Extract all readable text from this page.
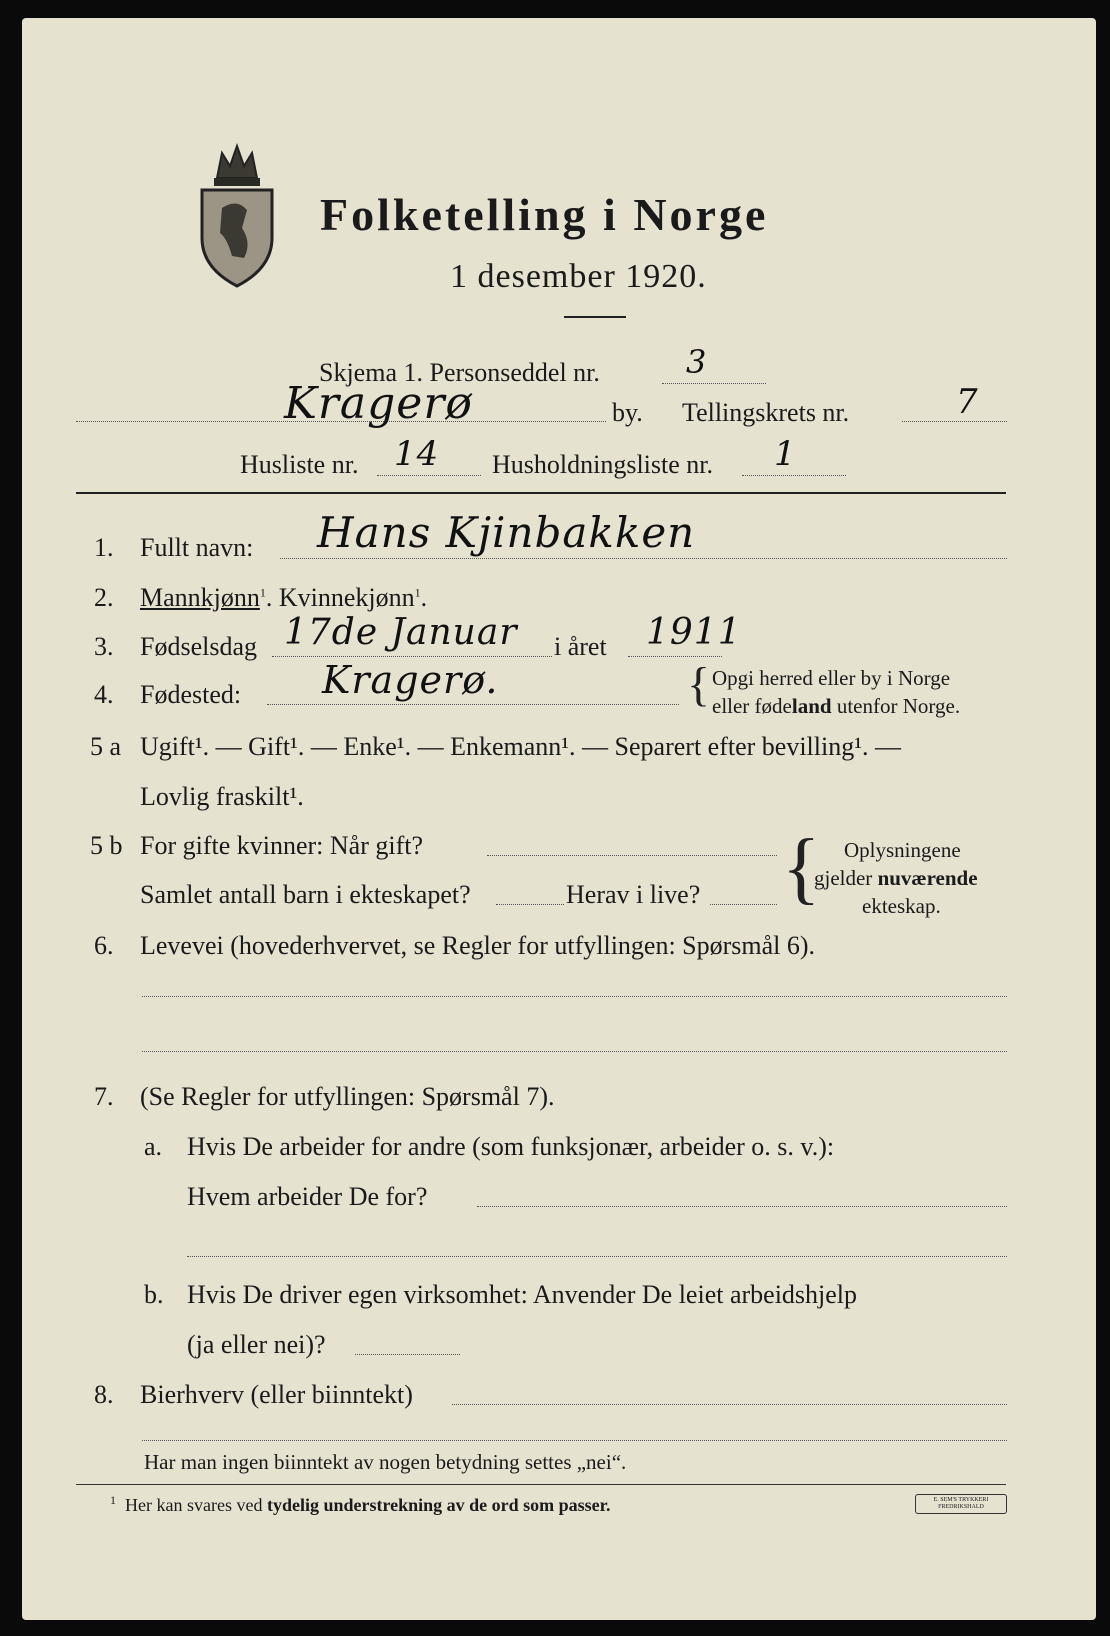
Folketelling i Norge
1 desember 1920.
Skjema 1. Personseddel nr.	3
Kragerø	by. Tellingskrets nr.	7
Husliste nr. 14 Husholdningsliste nr. 1
1. Fullt navn: Hans Kjinbakken
2. Mannkjønn$^1$. Kvinnekjønn$^1$.
3. Fødselsdag 17de Januar i året 1911
4. Fødested: Kragerø.	{ Opgi herred eller by i Norge
eller fødeland utenfor Norge.
5 a Ugift¹. — Gift¹. — Enke¹. — Enkemann¹. — Separert efter bevilling¹. —
Lovlig fraskilt¹.
5 b For gifte kvinner: Når gift?
Samlet antall barn i ekteskapet?	Herav i live? { Oplysningene
gjelder nuværende
ekteskap.
6. Levevei (hovederhvervet, se Regler for utfyllingen: Spørsmål 6).
7. (Se Regler for utfyllingen: Spørsmål 7).
a. Hvis De arbeider for andre (som funksjonær, arbeider o. s. v.):
Hvem arbeider De for?
b. Hvis De driver egen virksomhet: Anvender De leiet arbeidshjelp
(ja eller nei)?
8. Bierhverv (eller biinntekt)
Har man ingen biinntekt av nogen betydning settes „nei“.
$^1$ Her kan svares ved tydelig understrekning av de ord som passer.	E. SEM'S TRYKKERI FREDRIKSHALD
